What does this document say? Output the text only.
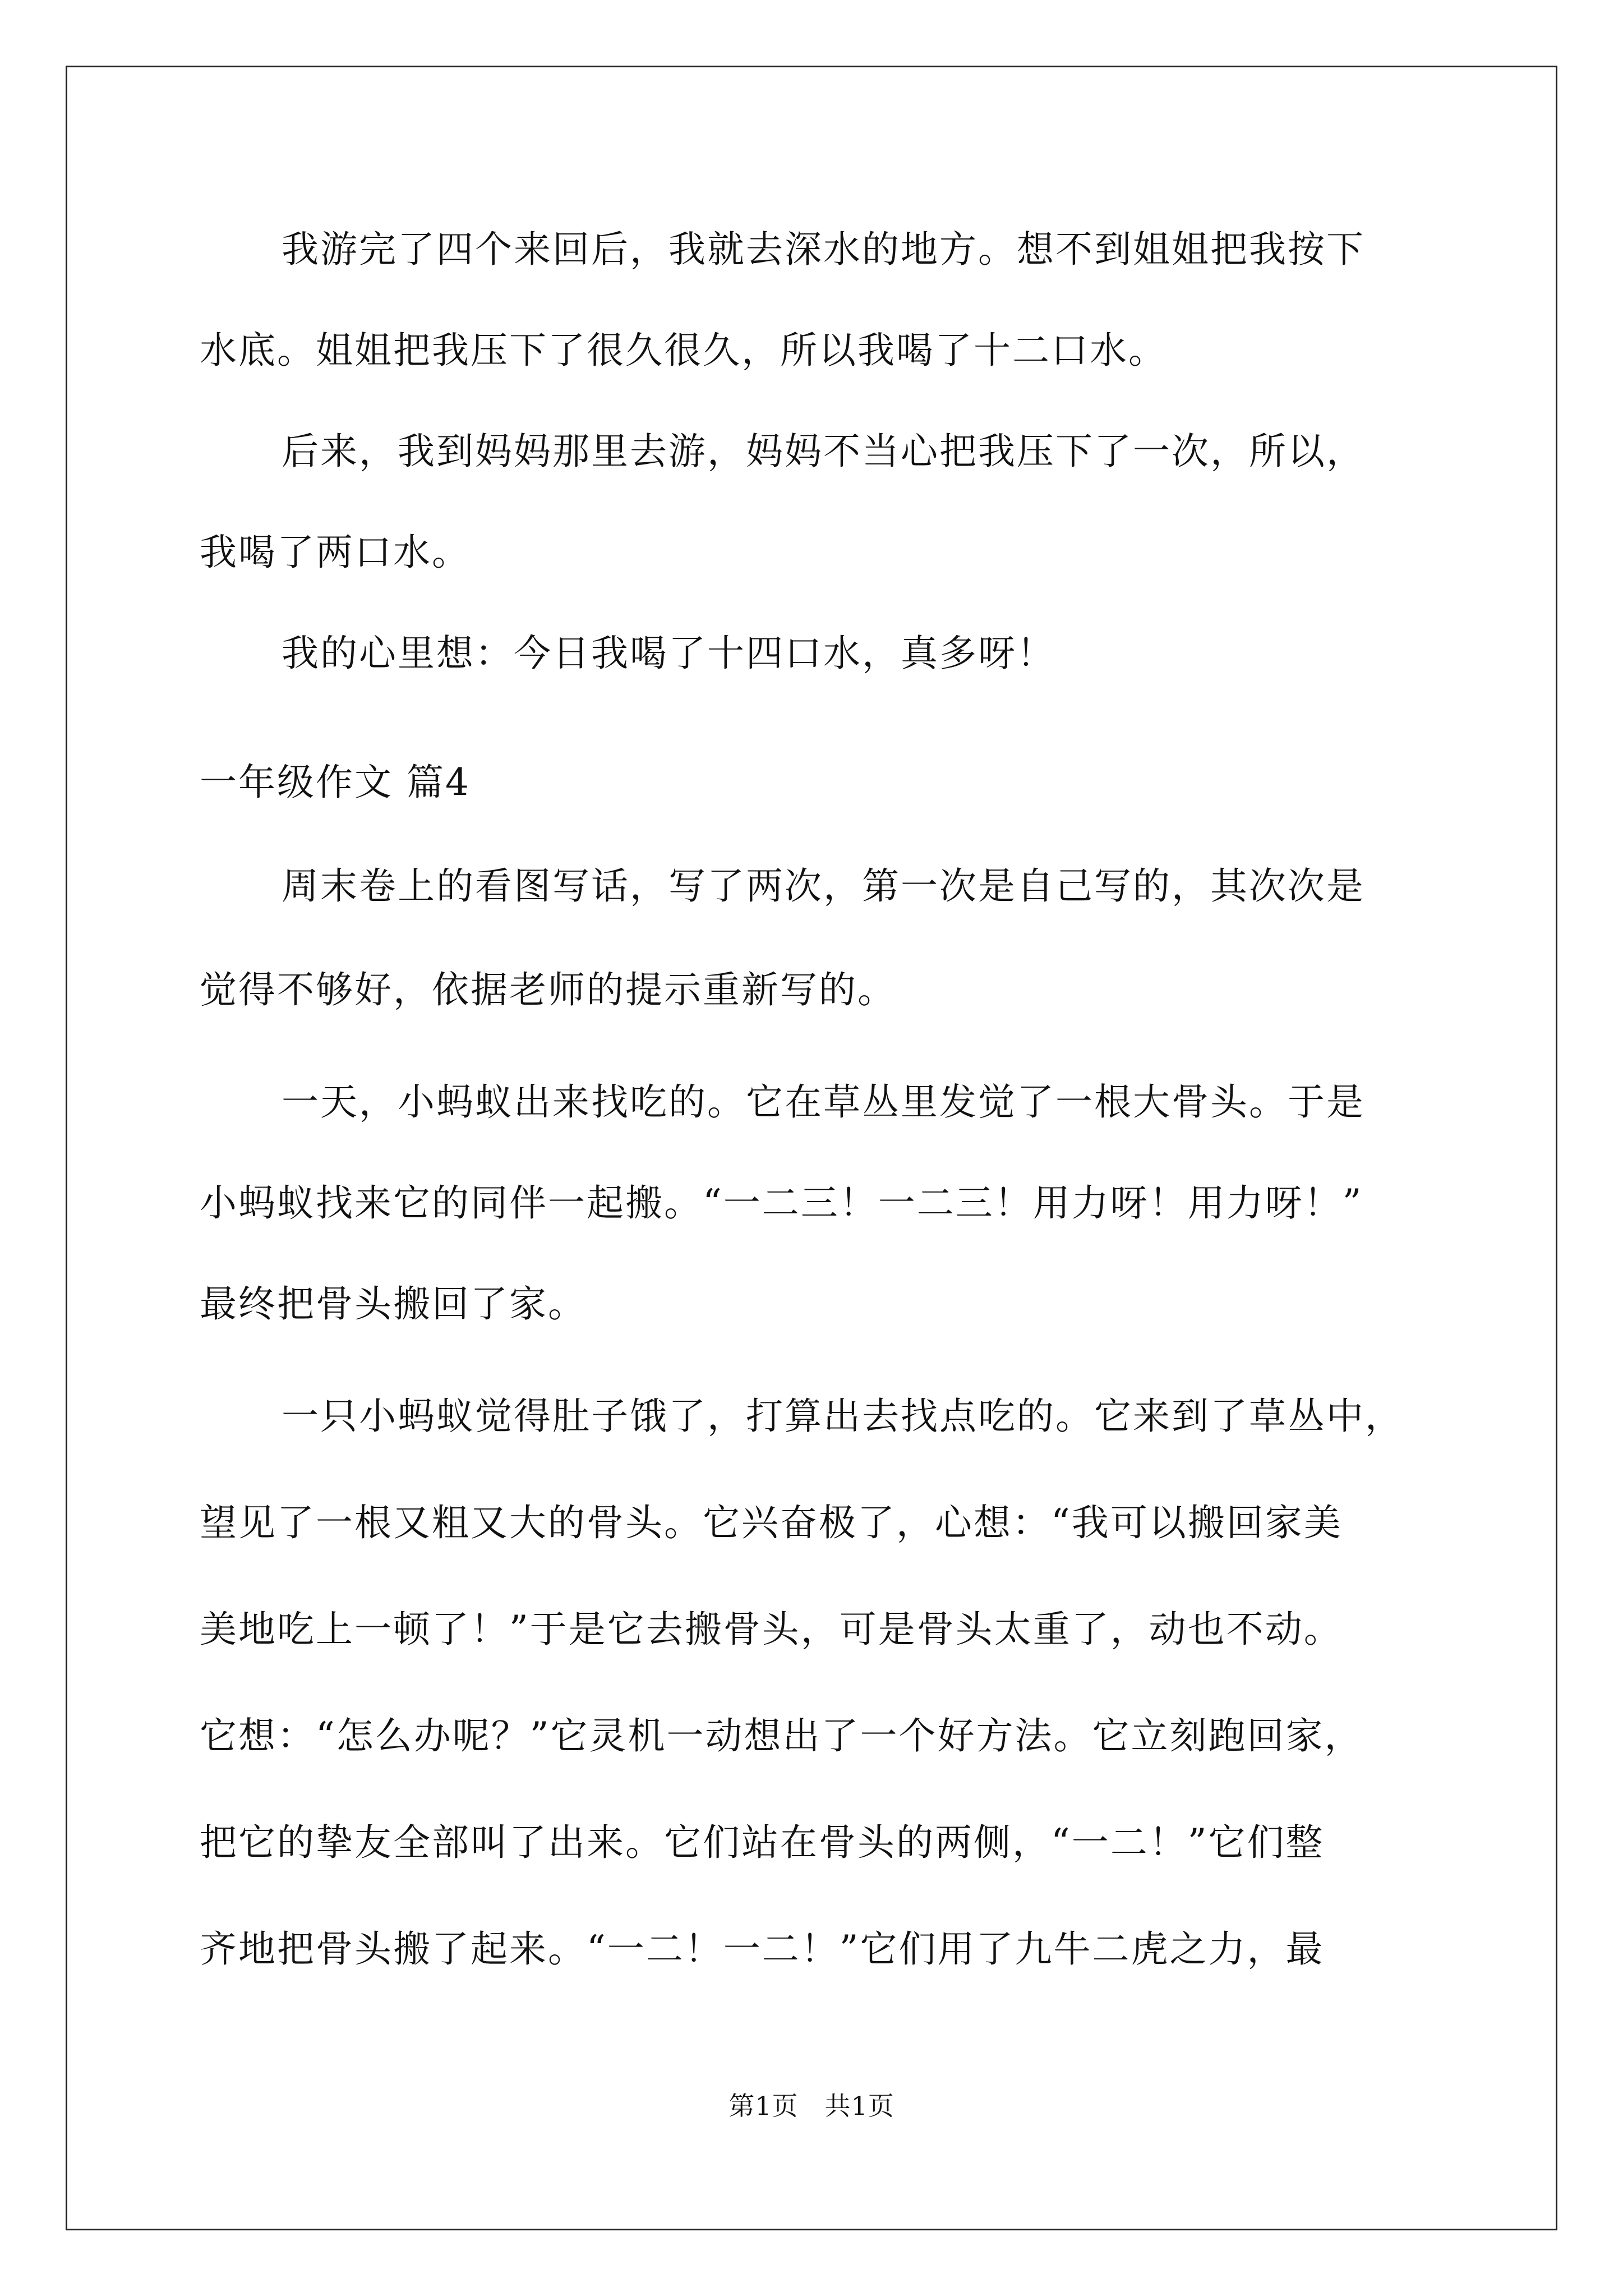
我游完了四个来回后，我就去深水的地方。想不到姐姐把我按下
水底。姐姐把我压下了很久很久，所以我喝了十二口水。
后来，我到妈妈那里去游，妈妈不当心把我压下了一次，所以，
我喝了两口水。
我的心里想：今日我喝了十四口水，真多呀！
一年级作文 篇4
周末卷上的看图写话，写了两次，第一次是自己写的，其次次是
觉得不够好，依据老师的提示重新写的。
一天，小蚂蚁出来找吃的。它在草丛里发觉了一根大骨头。于是
小蚂蚁找来它的同伴一起搬。“一二三！一二三！用力呀！用力呀！”
最终把骨头搬回了家。
一只小蚂蚁觉得肚子饿了，打算出去找点吃的。它来到了草丛中，
望见了一根又粗又大的骨头。它兴奋极了，心想：“我可以搬回家美
美地吃上一顿了！”于是它去搬骨头，可是骨头太重了，动也不动。
它想：“怎么办呢？”它灵机一动想出了一个好方法。它立刻跑回家，
把它的挚友全部叫了出来。它们站在骨头的两侧，“一二！”它们整
齐地把骨头搬了起来。“一二！一二！”它们用了九牛二虎之力，最
第1页　共1页
